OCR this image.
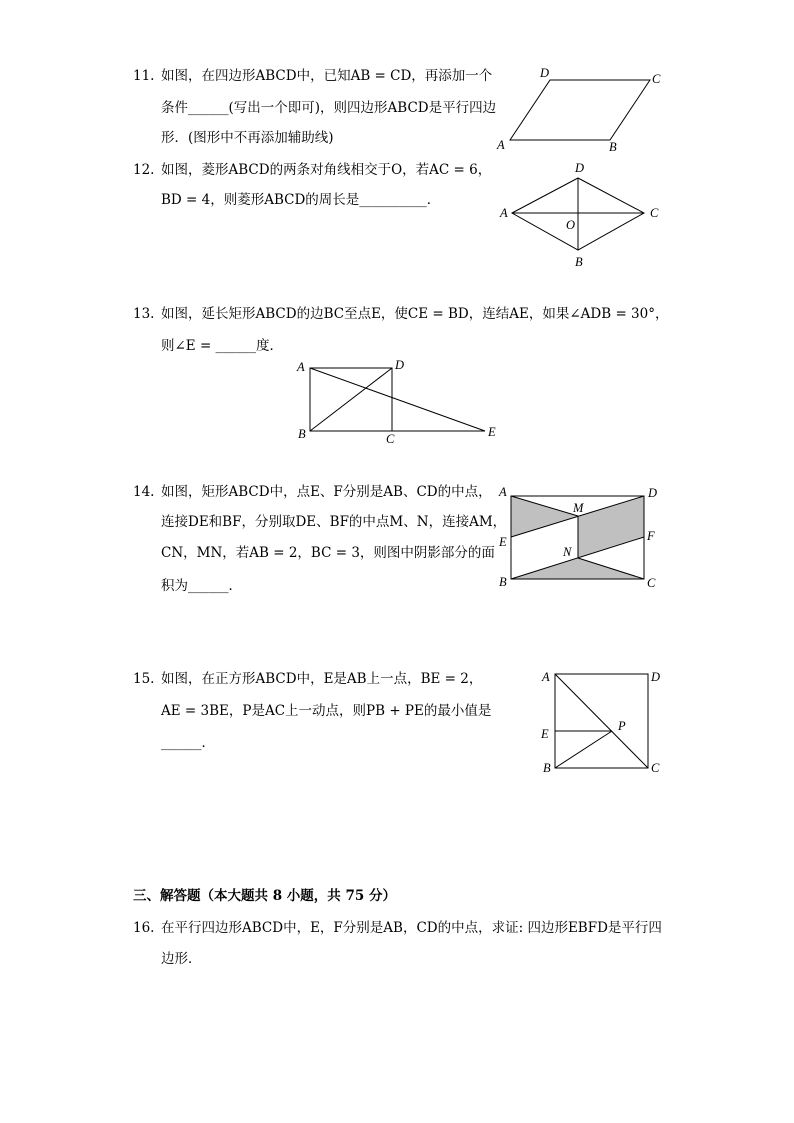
11. 如图，在四边形ABCD中，已知AB = CD，再添加一个
条件______(写出一个即可)，则四边形ABCD是平行四边
形．(图形中不再添加辅助线)
D	C
A	B
12. 如图，菱形ABCD的两条对角线相交于O，若AC = 6，
BD = 4，则菱形ABCD的周长是__________．
D
A	C
O
B
13. 如图，延长矩形ABCD的边BC至点E，使CE = BD，连结AE，如果∠ADB = 30°，
则∠E = ______度．
A	D
B	C	E
14. 如图，矩形ABCD中，点E、F分别是AB、CD的中点，
连接DE和BF，分别取DE、BF的中点M、N，连接AM，
CN，MN，若AB = 2，BC = 3，则图中阴影部分的面
积为______．
A	D
M
E	F
N
B	C
15. 如图，在正方形ABCD中，E是AB上一点，BE = 2，
AE = 3BE，P是AC上一动点，则PB + PE的最小值是
______．
A	D
E
P
B	C
三、解答题（本大题共 8 小题，共 75 分）
16. 在平行四边形ABCD中，E，F分别是AB，CD的中点，求证: 四边形EBFD是平行四
边形．
